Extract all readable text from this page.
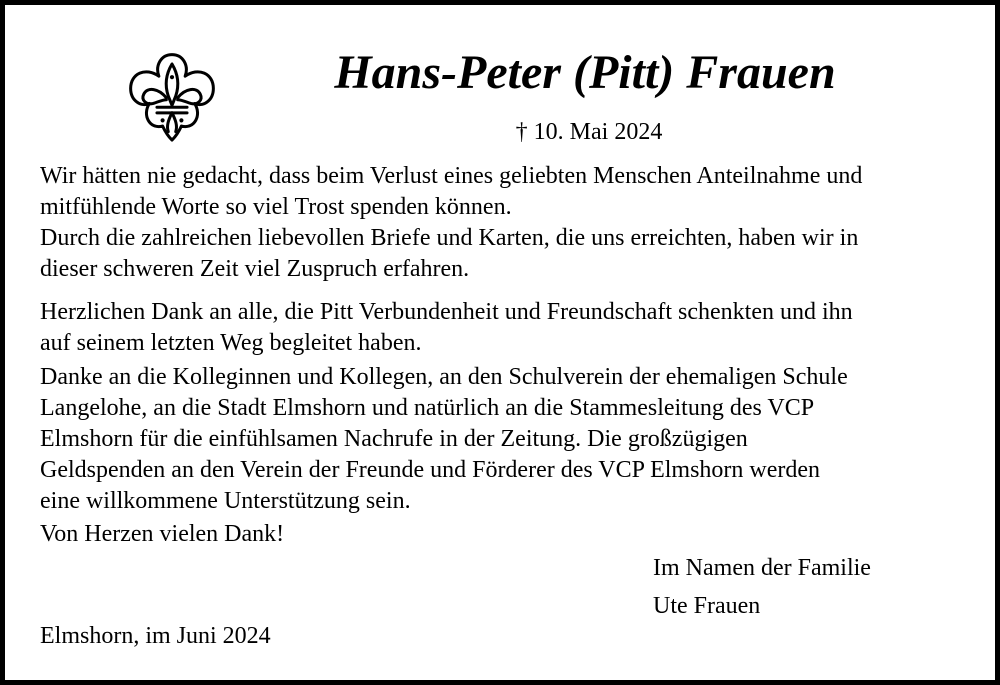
Hans-Peter (Pitt) Frauen

† 10. Mai 2024

Wir hätten nie gedacht, dass beim Verlust eines geliebten Menschen Anteilnahme und
mitfühlende Worte so viel Trost spenden können.
Durch die zahlreichen liebevollen Briefe und Karten, die uns erreichten, haben wir in
dieser schweren Zeit viel Zuspruch erfahren.

Herzlichen Dank an alle, die Pitt Verbundenheit und Freundschaft schenkten und ihn
auf seinem letzten Weg begleitet haben.

Danke an die Kolleginnen und Kollegen, an den Schulverein der ehemaligen Schule
Langelohe, an die Stadt Elmshorn und natürlich an die Stammesleitung des VCP
Elmshorn für die einfühlsamen Nachrufe in der Zeitung. Die großzügigen
Geldspenden an den Verein der Freunde und Förderer des VCP Elmshorn werden
eine willkommene Unterstützung sein.

Von Herzen vielen Dank!

Im Namen der Familie

Ute Frauen

Elmshorn, im Juni 2024
